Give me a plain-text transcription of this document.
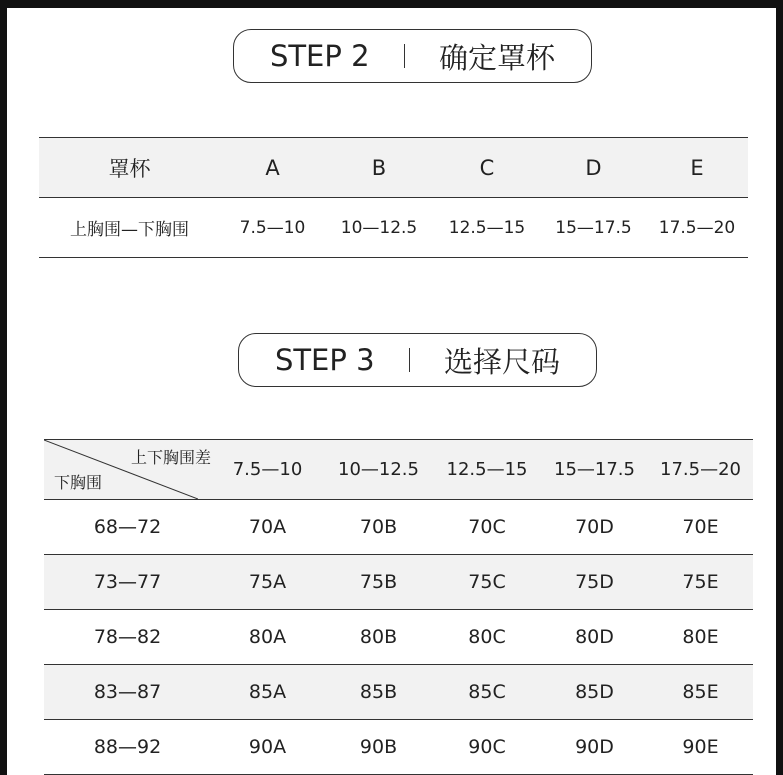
STEP 2 确定罩杯
罩杯	A	B	C	D	E
上胸围—下胸围	7.5—10	10—12.5	12.5—15	15—17.5	17.5—20
STEP 3 选择尺码
上下胸围差
下胸围	7.5—10	10—12.5	12.5—15	15—17.5	17.5—20
68—72	70A	70B	70C	70D	70E
73—77	75A	75B	75C	75D	75E
78—82	80A	80B	80C	80D	80E
83—87	85A	85B	85C	85D	85E
88—92	90A	90B	90C	90D	90E
